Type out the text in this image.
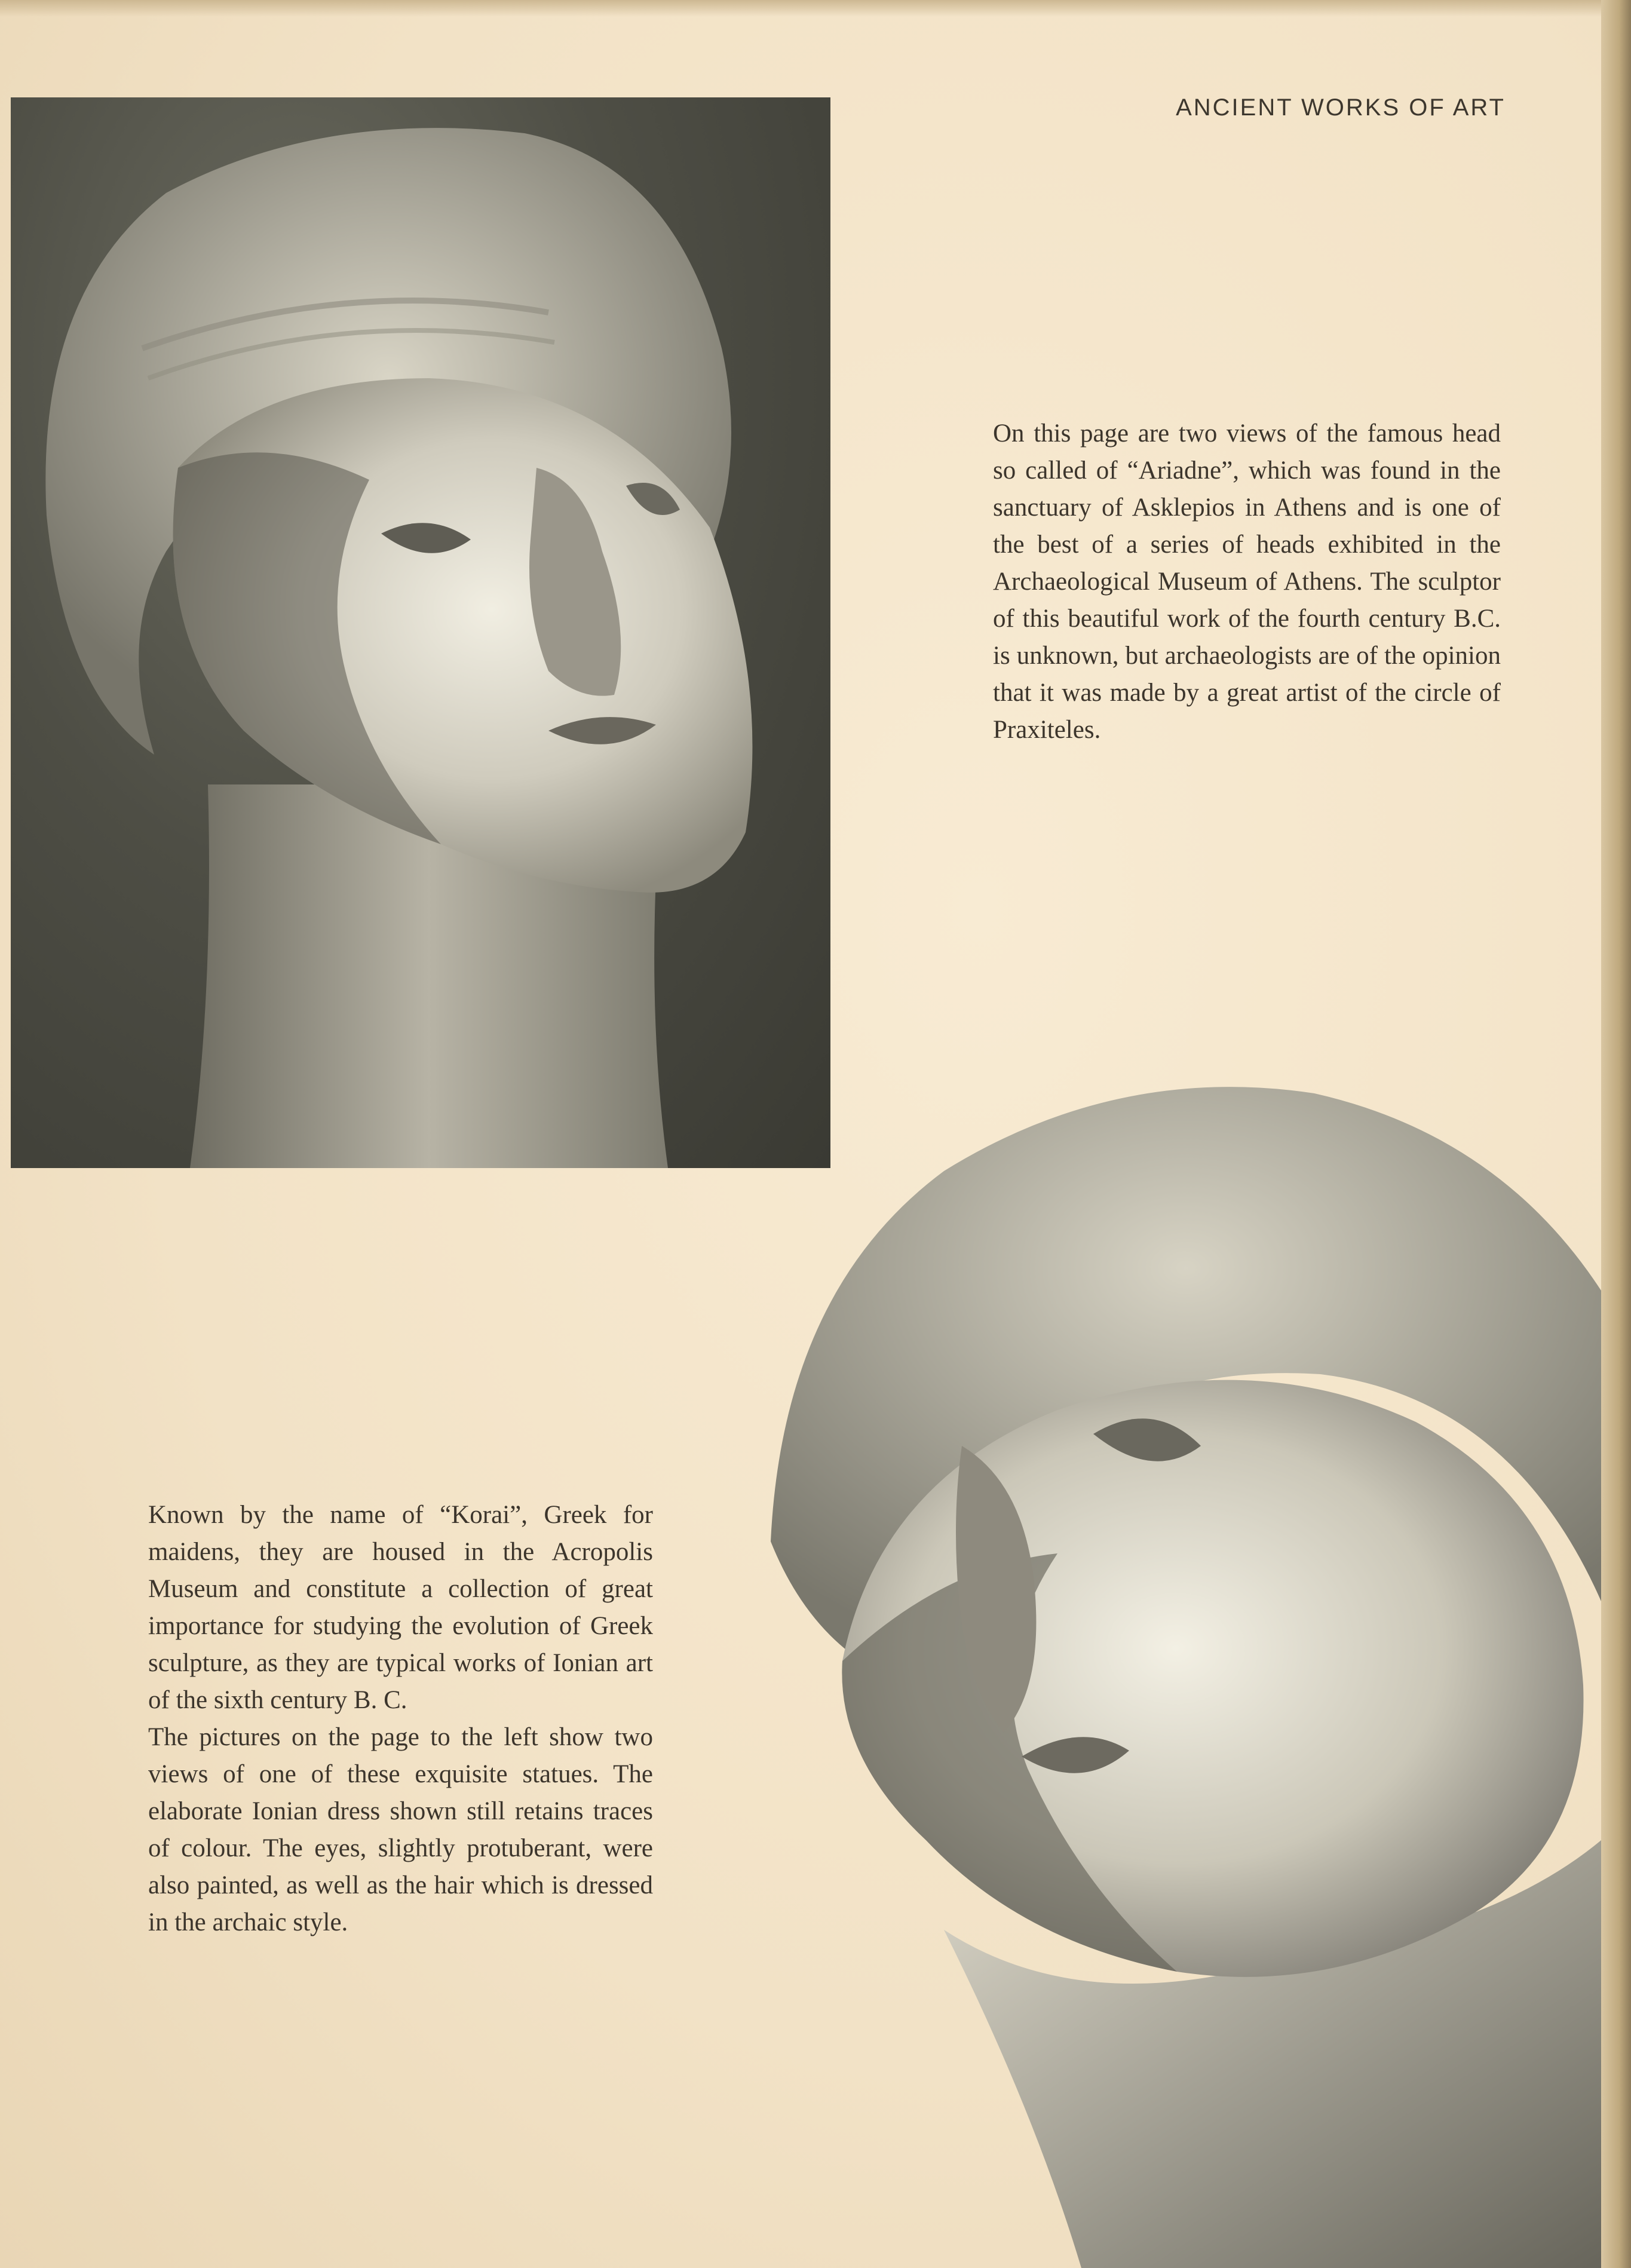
ANCIENT WORKS OF ART

On this page are two views of the famous head so called of “Ariadne”, which was found in the sanctuary of Asklepios in Athens and is one of the best of a series of heads exhibited in the Archaeological Museum of Athens. The sculptor of this beautiful work of the fourth century B.C. is unknown, but archaeologists are of the opinion that it was made by a great artist of the circle of Praxiteles.

Known by the name of “Korai”, Greek for maidens, they are housed in the Acropolis Museum and constitute a collection of great importance for studying the evolution of Greek sculpture, as they are typical works of Ionian art of the sixth century B. C.

The pictures on the page to the left show two views of one of these exquisite statues. The elaborate Ionian dress shown still retains traces of colour. The eyes, slightly protuberant, were also painted, as well as the hair which is dressed in the archaic style.
